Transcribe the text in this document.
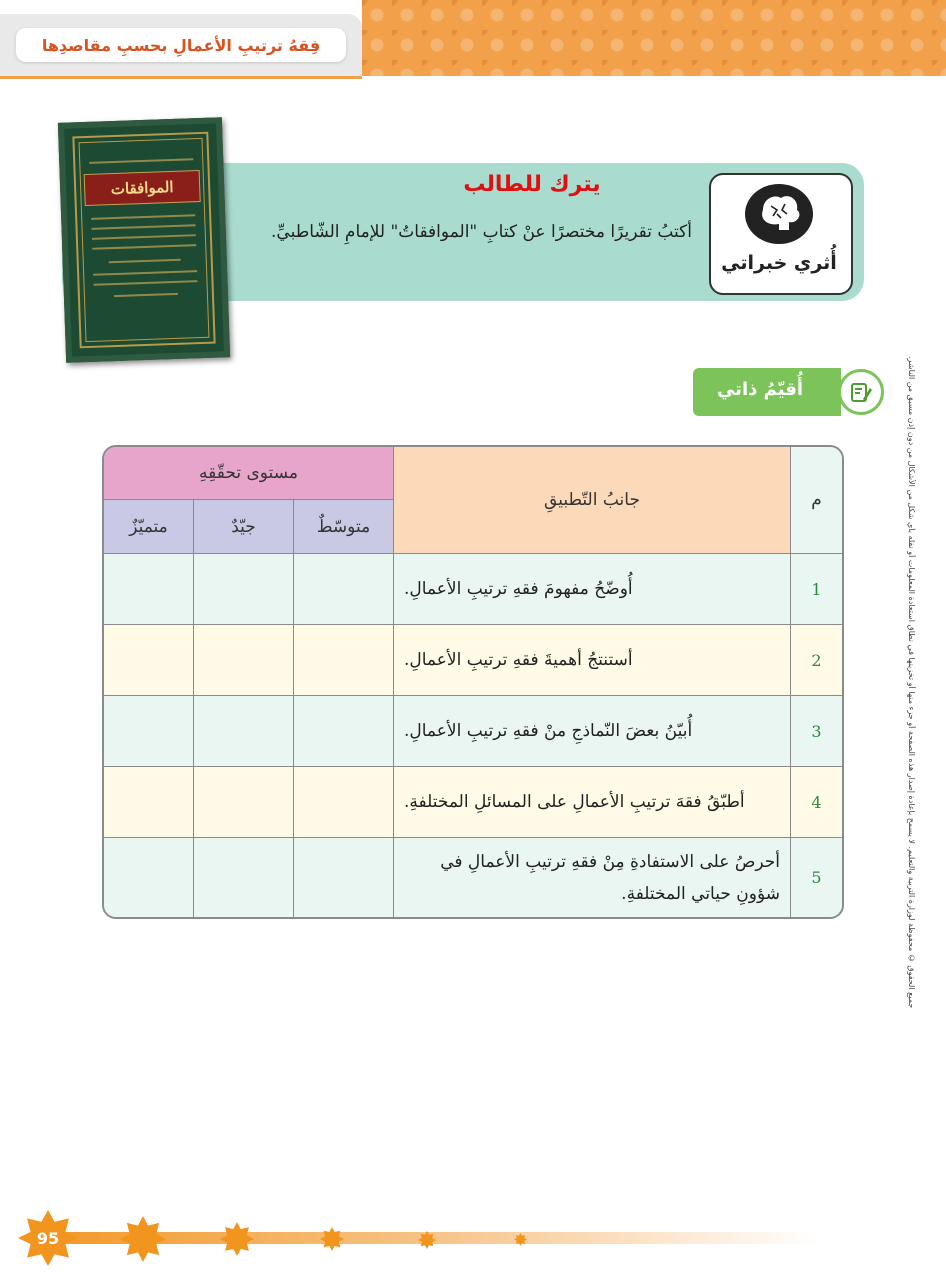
فِقهُ ترتيبِ الأعمالِ بحسبِ مقاصدِها
الموافقات
أُثري خبراتي
يترك للطالب
أكتبُ تقريرًا مختصرًا عنْ كتابِ "الموافقاتُ" للإمامِ الشّاطبيِّ.
أُقيّمُ ذاتي
م
جانبُ التّطبيقِ
مستوى تحقّقِهِ
متوسّطٌ
جيّدٌ
متميّزٌ
1
أُوضّحُ مفهومَ فقهِ ترتيبِ الأعمالِ.
2
أستنتجُ أهميةَ فقهِ ترتيبِ الأعمالِ.
3
أُبيّنُ بعضَ النّماذجِ منْ فقهِ ترتيبِ الأعمالِ.
4
أطبّقُ فقهَ ترتيبِ الأعمالِ على المسائلِ المختلفةِ.
5
أحرصُ على الاستفادةِ مِنْ فقهِ ترتيبِ الأعمالِ في شؤونِ حياتي المختلفةِ.	جميع الحقوق © محفوظة لوزارة التربية والتعليم. لا يسمح بإعادة إصدار هذه الصفحة أو جزء منها أو تخزينها في نطاق استعادة المعلومات أو نقله بأي شكل من الأشكال من دون إذن مسبق من الناشر.
95
